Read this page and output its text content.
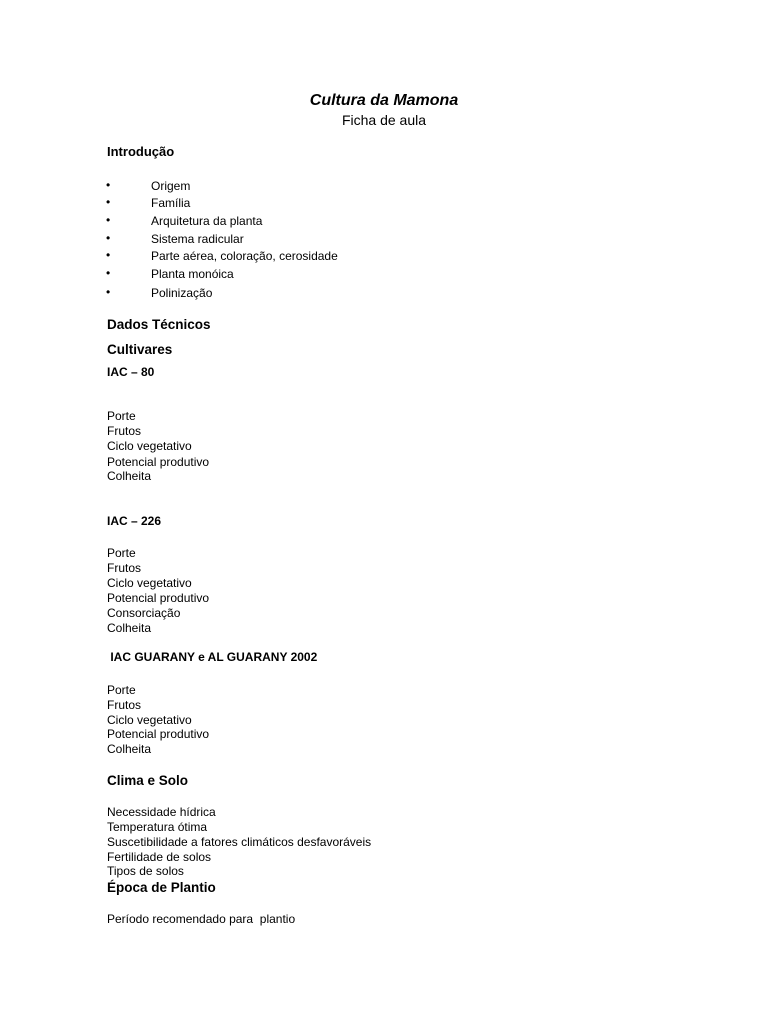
Cultura da Mamona
Ficha de aula
Introdução
•	Origem
•	Família
•	Arquitetura da planta
•	Sistema radicular
•	Parte aérea, coloração, cerosidade
•	Planta monóica
•	Polinização
Dados Técnicos
Cultivares
IAC – 80
Porte
Frutos
Ciclo vegetativo
Potencial produtivo
Colheita
IAC – 226
Porte
Frutos
Ciclo vegetativo
Potencial produtivo
Consorciação
Colheita
IAC GUARANY e AL GUARANY 2002
Porte
Frutos
Ciclo vegetativo
Potencial produtivo
Colheita
Clima e Solo
Necessidade hídrica
Temperatura ótima
Suscetibilidade a fatores climáticos desfavoráveis
Fertilidade de solos
Tipos de solos
Época de Plantio
Período recomendado para  plantio
